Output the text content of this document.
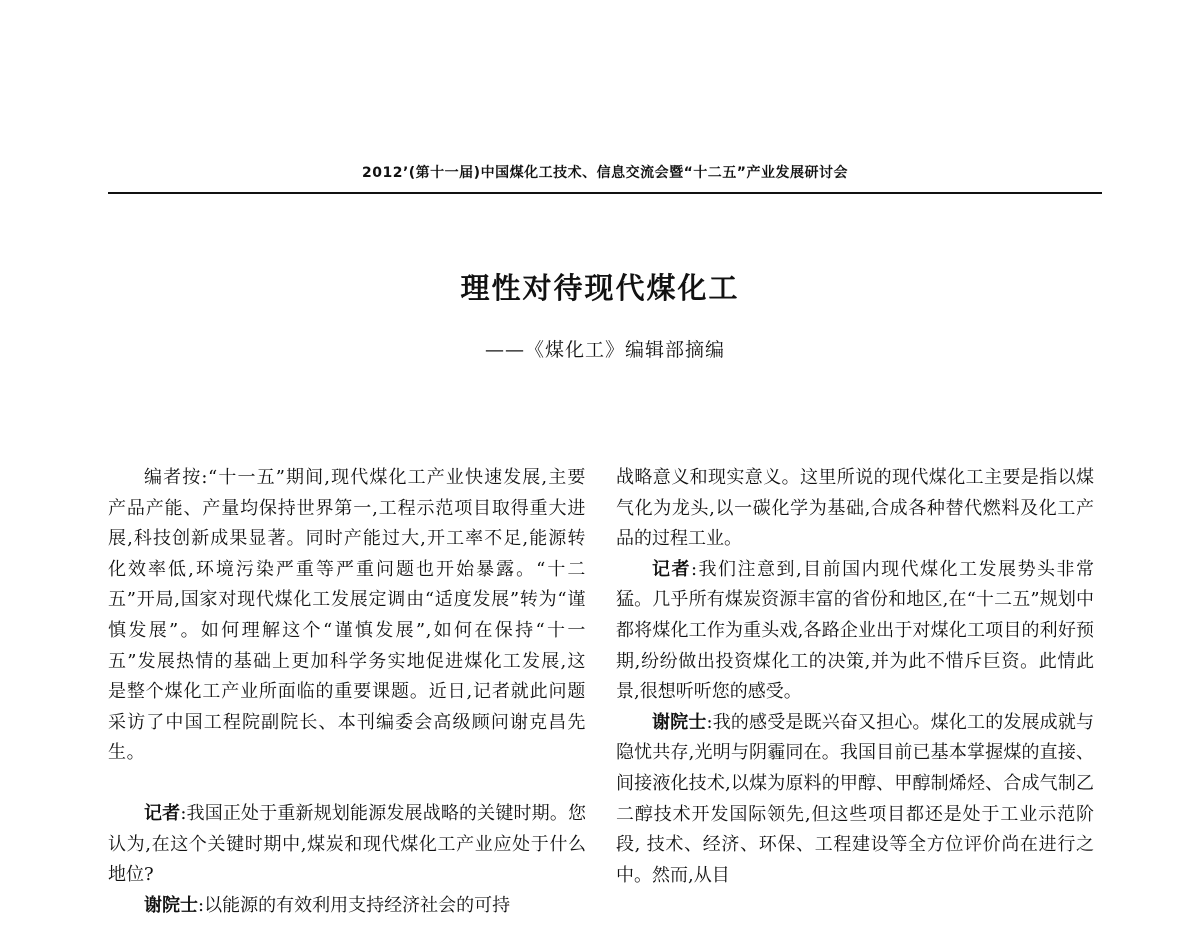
2012’(第十一届)中国煤化工技术、信息交流会暨“十二五”产业发展研讨会
理性对待现代煤化工
——《煤化工》编辑部摘编

编者按:“十一五”期间,现代煤化工产业快速发展,主要产品产能、产量均保持世界第一,工程示范项目取得重大进展,科技创新成果显著。同时产能过大,开工率不足,能源转化效率低,环境污染严重等严重问题也开始暴露。“十二五”开局,国家对现代煤化工发展定调由“适度发展”转为“谨慎发展”。如何理解这个“谨慎发展”,如何在保持“十一五”发展热情的基础上更加科学务实地促进煤化工发展,这是整个煤化工产业所面临的重要课题。近日,记者就此问题采访了中国工程院副院长、本刊编委会高级顾问谢克昌先生。

记者:我国正处于重新规划能源发展战略的关键时期。您认为,在这个关键时期中,煤炭和现代煤化工产业应处于什么地位?

谢院士:以能源的有效利用支持经济社会的可持

战略意义和现实意义。这里所说的现代煤化工主要是指以煤气化为龙头,以一碳化学为基础,合成各种替代燃料及化工产品的过程工业。

记者:我们注意到,目前国内现代煤化工发展势头非常猛。几乎所有煤炭资源丰富的省份和地区,在“十二五”规划中都将煤化工作为重头戏,各路企业出于对煤化工项目的利好预期,纷纷做出投资煤化工的决策,并为此不惜斥巨资。此情此景,很想听听您的感受。

谢院士:我的感受是既兴奋又担心。煤化工的发展成就与隐忧共存,光明与阴霾同在。我国目前已基本掌握煤的直接、间接液化技术,以煤为原料的甲醇、甲醇制烯烃、合成气制乙二醇技术开发国际领先,但这些项目都还是处于工业示范阶段, 技术、经济、环保、工程建设等全方位评价尚在进行之中。然而,从目
